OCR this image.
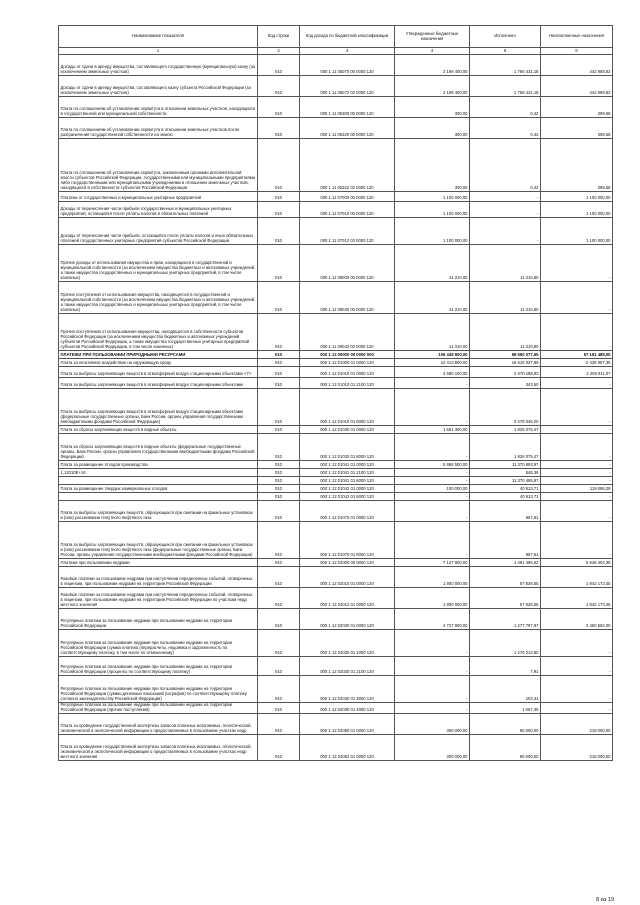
Наименование показателя	Код строки	Код дохода по бюджетной классификации	Утвержденные бюджетные назначения	Исполнено	Неисполненные назначения
1	2	3	4	5	6
Доходы от сдачи в аренду имущества, составляющего государственную (муниципальную) казну (за исключением земельных участков)	010	000 1 11 05070 00 0000 120	2 199 400,00	1 756 431,18	442 968,82
Доходы от сдачи в аренду имущества, составляющего казну субъекта Российской Федерации (за исключением земельных участков)	010	000 1 11 05072 02 0000 120	2 199 400,00	1 756 431,18	442 968,82
Плата по соглашениям об установлении сервитута в отношении земельных участков, находящихся в государственной или муниципальной собственности	010	000 1 11 05300 00 0000 120	300,00	0,42	299,58
Плата по соглашениям об установлении сервитута в отношении земельных участков после разграничения государственной собственности на землю	010	000 1 11 05320 00 0000 120	300,00	0,42	299,58
Плата по соглашениям об установлении сервитута, заключенным органами исполнительной власти субъектов Российской Федерации, государственными или муниципальными предприятиями либо государственными или муниципальными учреждениями в отношении земельных участков, находящихся в собственности субъектов Российской Федерации	010	000 1 11 05322 02 0000 120	300,00	0,42	299,58
Платежи от государственных и муниципальных унитарных предприятий	010	000 1 11 07000 00 0000 120	1 100 000,00	-	1 100 000,00
Доходы от перечисления части прибыли государственных и муниципальных унитарных предприятий, остающейся после уплаты налогов и обязательных платежей	010	000 1 11 07010 00 0000 120	1 100 000,00	-	1 100 000,00
Доходы от перечисления части прибыли, остающейся после уплаты налогов и иных обязательных платежей государственных унитарных предприятий субъектов Российской Федерации	010	000 1 11 07012 02 0000 120	1 100 000,00	-	1 100 000,00
Прочие доходы от использования имущества и прав, находящихся в государственной и муниципальной собственности (за исключением имущества бюджетных и автономных учреждений, а также имущества государственных и муниципальных унитарных предприятий, в том числе казенных)	010	000 1 11 09000 00 0000 120	11 310,00	11 310,80	-
Прочие поступления от использования имущества, находящегося в государственной и муниципальной собственности (за исключением имущества бюджетных и автономных учреждений, а также имущества государственных и муниципальных унитарных предприятий, в том числе казенных)	010	000 1 11 09040 00 0000 120	11 310,00	11 310,80	-
Прочие поступления от использования имущества, находящегося в собственности субъектов Российской Федерации (за исключением имущества бюджетных и автономных учреждений субъектов Российской Федерации, а также имущества государственных унитарных предприятий субъектов Российской Федерации, в том числе казенных)	010	000 1 11 09042 02 0000 120	11 310,00	11 310,80	-
ПЛАТЕЖИ ПРИ ПОЛЬЗОВАНИИ ПРИРОДНЫМИ РЕСУРСАМИ	010	000 1 12 00000 00 0000 000	106 449 500,00	58 660 077,65	57 191 489,00
Плата за негативное воздействие на окружающую среду	010	000 1 12 01000 01 0000 120	12 413 600,00	16 616 027,99	-2 428 997,36
Плата за выбросы загрязняющих веществ в атмосферный воздух стационарными объектами <7>	010	000 1 12 01010 01 0000 120	4 580 100,00	2 370 188,93	2 209 911,07
Плата за выбросы загрязняющих веществ в атмосферный воздух стационарными объектами	010	000 1 12 01010 01 2100 120	-	343,50	-
Плата за выбросы загрязняющих веществ в атмосферный воздух стационарными объектами (федеральные государственные органы, Банк России, органы управления государственными внебюджетными фондами Российской Федерации)	010	000 1 12 01010 01 6000 120	-	3 278 045,20	-
Плата за сбросы загрязняющих веществ в водные объекты	010	000 1 12 01030 01 0000 120	1 661 300,00	1 826 075,47	-
Плата за сбросы загрязняющих веществ в водные объекты (федеральные государственные органы, Банк России, органы управления государственными внебюджетными фондами Российской Федерации)	010	000 1 12 01030 01 6000 120	-	1 826 075,47	-
Плата за размещение отходов производства	010	000 1 12 01041 01 0000 120	5 866 500,00	11 370 893,97	-
1,12010E+16	010	000 1 12 01041 01 2100 120	-	546,36	-
	010	000 1 12 01041 01 6000 120	-	11 370 485,87	-
Плата за размещение твердых коммунальных отходов	010	000 1 12 01042 01 0000 120	100 000,00	40 913,71	119 086,29
	010	000 1 12 01042 01 6000 120	-	40 913,71	-
Плата за выбросы загрязняющих веществ, образующихся при сжигании на факельных установках и (или) рассеивании попутного нефтяного газа	010	000 1 12 01070 01 0000 120	-	857,61	-
Плата за выбросы загрязняющих веществ, образующихся при сжигании на факельных установках и (или) рассеивании попутного нефтяного газа (федеральные государственные органы, Банк России, органы управления государственными внебюджетными фондами Российской Федерации)	010	000 1 12 01070 01 6000 120	-	857,61	-
Платежи при пользовании недрами	010	000 1 12 02000 00 0000 120	7 127 900,00	1 481 495,62	5 646 404,38
Разовые платежи за пользование недрами при наступлении определенных событий, оговоренных в лицензии, при пользовании недрами на территории Российской Федерации	010	000 1 12 02010 01 0000 120	1 900 000,00	57 826,55	1 842 173,45
Разовые платежи за пользование недрами при наступлении определенных событий, оговоренных в лицензии, при пользовании недрами на территории Российской Федерации по участкам недр местного значения	010	000 1 12 02012 01 0000 120	1 900 000,00	57 826,55	1 842 173,45
Регулярные платежи за пользование недрами при пользовании недрами на территории Российской Федерации	010	000 1 12 02030 01 0000 120	4 727 900,00	1 277 797,97	3 450 562,00
Регулярные платежи за пользование недрами при пользовании недрами на территории Российской Федерации (сумма платежа (перерасчеты, недоимка и задолженность по соответствующему платежу, в том числе по отмененному)	010	000 1 12 02030 01 1000 120	-	1 276 213,80	-
Регулярные платежи за пользование недрами при пользовании недрами на территории Российской Федерации (проценты по соответствующему платежу)	010	000 1 12 02030 01 2100 120	-	7,91	-
Регулярные платежи за пользование недрами при пользовании недрами на территории Российской Федерации (суммы денежных взысканий (штрафов) по соответствующему платежу согласно законодательству Российской Федерации)	010	000 1 12 02030 01 3000 120	-	103,41	-
Регулярные платежи за пользование недрами при пользовании недрами на территории Российской Федерации (прочие поступления)	010	000 1 12 02030 01 4000 120	-	1 067,35	-
Плата за проведение государственной экспертизы запасов полезных ископаемых, геологической, экономической и экологической информации о предоставляемых в пользование участках недр	010	000 1 12 02050 01 0000 120	300 000,00	85 000,00	215 000,00
Плата за проведение государственной экспертизы запасов полезных ископаемых, геологической, экономической и экологической информации о предоставляемых в пользование участках недр местного значения	010	000 1 12 02052 01 0000 120	300 000,00	85 000,00	215 000,00
8 из 19
